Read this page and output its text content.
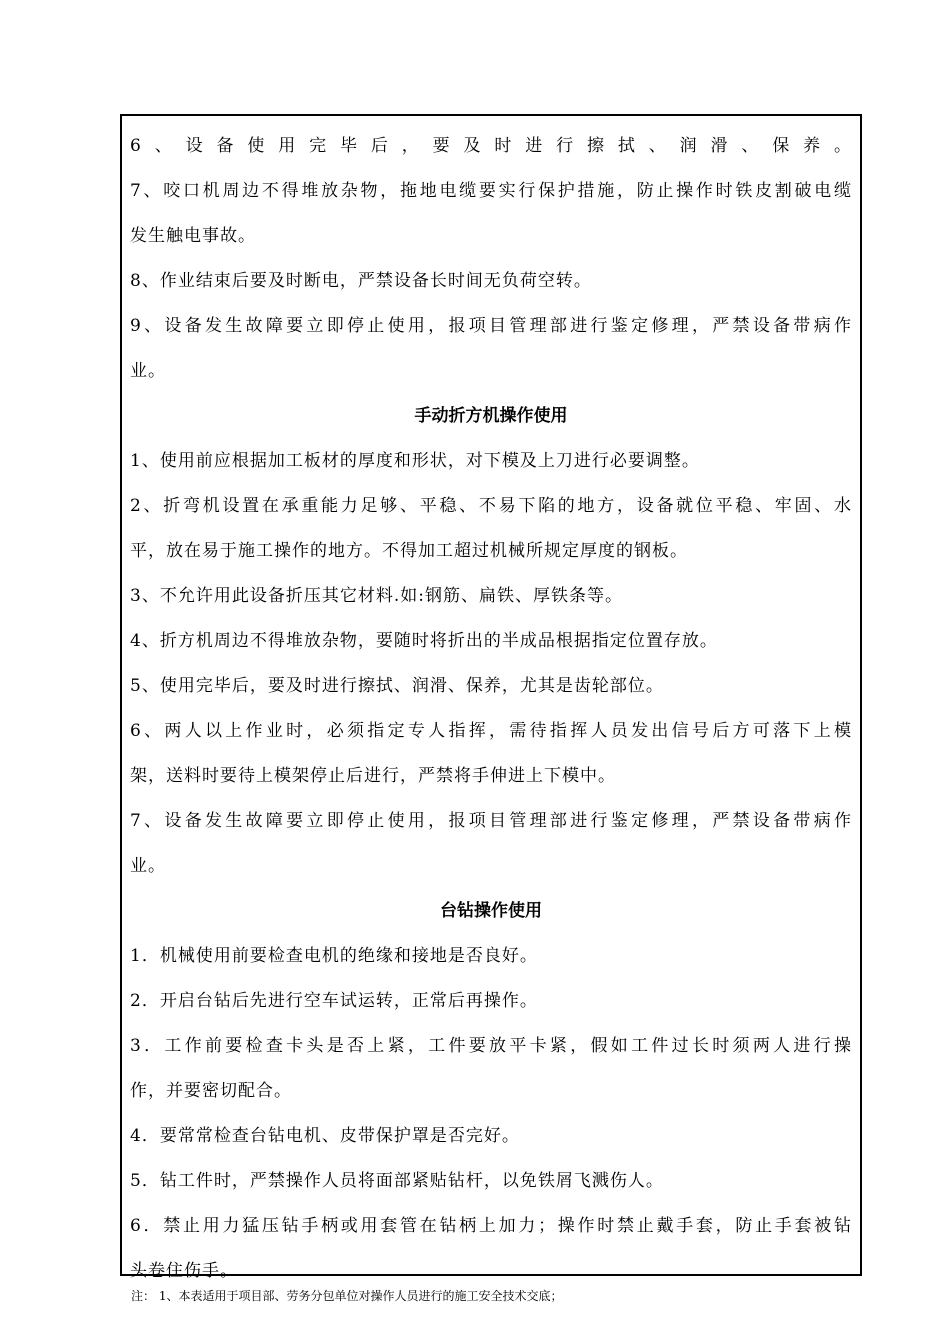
6、设备使用完毕后，要及时进行擦拭、润滑、保养。
7、咬口机周边不得堆放杂物，拖地电缆要实行保护措施，防止操作时铁皮割破电缆
发生触电事故。
8、作业结束后要及时断电，严禁设备长时间无负荷空转。
9、设备发生故障要立即停止使用，报项目管理部进行鉴定修理，严禁设备带病作
业。
手动折方机操作使用
1、使用前应根据加工板材的厚度和形状，对下模及上刀进行必要调整。
2、折弯机设置在承重能力足够、平稳、不易下陷的地方，设备就位平稳、牢固、水
平，放在易于施工操作的地方。不得加工超过机械所规定厚度的钢板。
3、不允许用此设备折压其它材料.如:钢筋、扁铁、厚铁条等。
4、折方机周边不得堆放杂物，要随时将折出的半成品根据指定位置存放。
5、使用完毕后，要及时进行擦拭、润滑、保养，尤其是齿轮部位。
6、两人以上作业时，必须指定专人指挥，需待指挥人员发出信号后方可落下上模
架，送料时要待上模架停止后进行，严禁将手伸进上下模中。
7、设备发生故障要立即停止使用，报项目管理部进行鉴定修理，严禁设备带病作
业。
台钻操作使用
1．机械使用前要检查电机的绝缘和接地是否良好。
2．开启台钻后先进行空车试运转，正常后再操作。
3．工作前要检查卡头是否上紧，工件要放平卡紧，假如工件过长时须两人进行操
作，并要密切配合。
4．要常常检查台钻电机、皮带保护罩是否完好。
5．钻工件时，严禁操作人员将面部紧贴钻杆，以免铁屑飞溅伤人。
6．禁止用力猛压钻手柄或用套管在钻柄上加力；操作时禁止戴手套，防止手套被钻
头卷住伤手。
注： 1、本表适用于项目部、劳务分包单位对操作人员进行的施工安全技术交底；
